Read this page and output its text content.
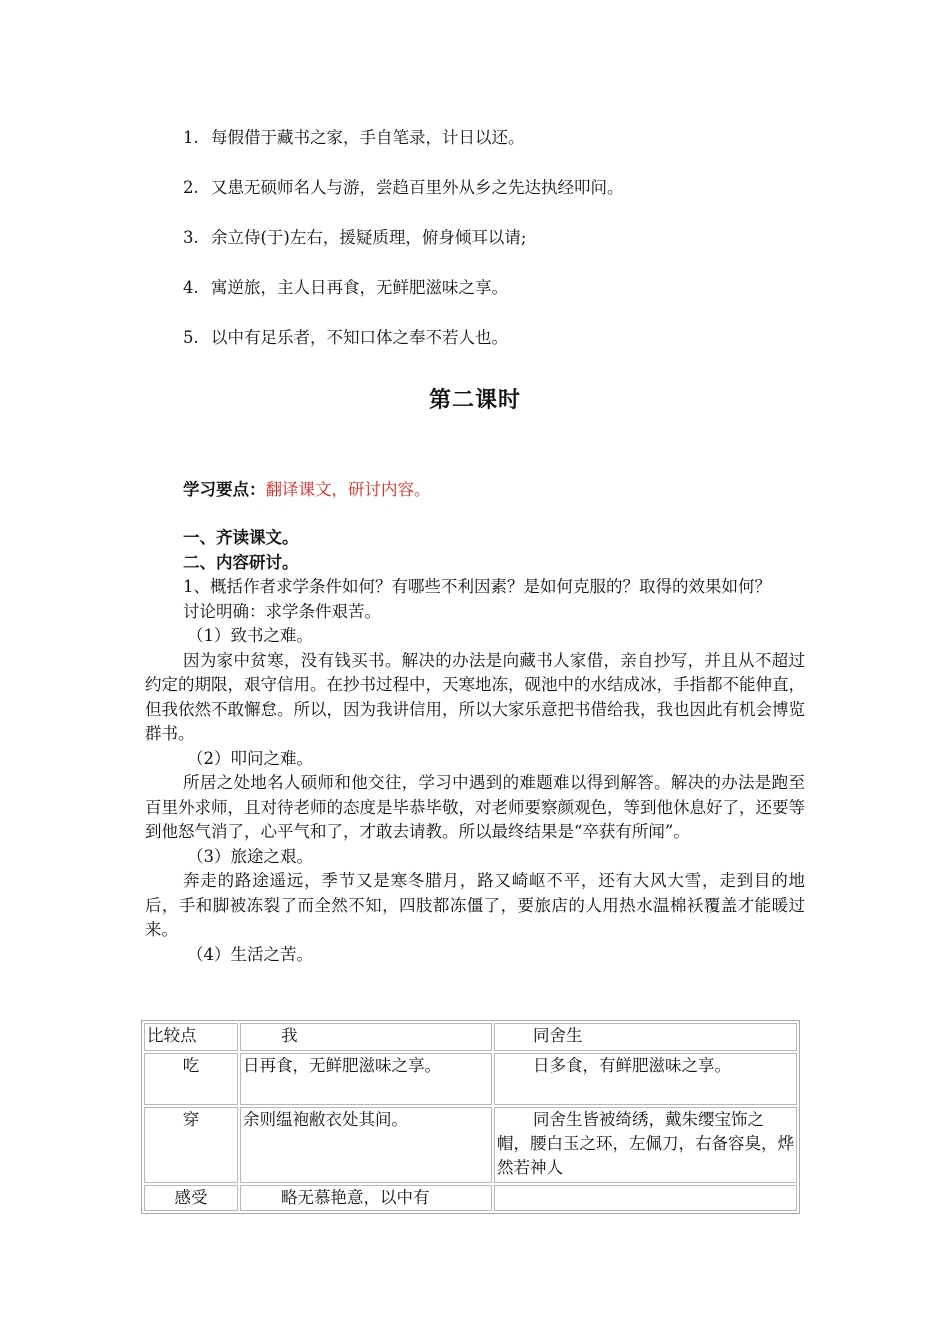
1. 每假借于藏书之家，手自笔录，计日以还。
2. 又患无硕师名人与游，尝趋百里外从乡之先达执经叩问。
3. 余立侍(于)左右，援疑质理，俯身倾耳以请;
4. 寓逆旅，主人日再食，无鲜肥滋味之享。
5. 以中有足乐者，不知口体之奉不若人也。
第二课时
学习要点：翻译课文，研讨内容。

一、齐读课文。

二、内容研讨。

1、概括作者求学条件如何？有哪些不利因素？是如何克服的？取得的效果如何？

讨论明确：求学条件艰苦。

（1）致书之难。

因为家中贫寒，没有钱买书。解决的办法是向藏书人家借，亲自抄写，并且从不超过约定的期限，艰守信用。在抄书过程中，天寒地冻，砚池中的水结成冰，手指都不能伸直，但我依然不敢懈怠。所以，因为我讲信用，所以大家乐意把书借给我，我也因此有机会博览群书。

（2）叩问之难。

所居之处地名人硕师和他交往，学习中遇到的难题难以得到解答。解决的办法是跑至百里外求师，且对待老师的态度是毕恭毕敬，对老师要察颜观色，等到他休息好了，还要等到他怒气消了，心平气和了，才敢去请教。所以最终结果是“卒获有所闻”。

（3）旅途之艰。

奔走的路途遥远，季节又是寒冬腊月，路又崎岖不平，还有大风大雪，走到目的地后，手和脚被冻裂了而全然不知，四肢都冻僵了，要旅店的人用热水温棉袄覆盖才能暖过来。

（4）生活之苦。

比较点	我	同舍生
吃	日再食，无鲜肥滋味之享。	日多食，有鲜肥滋味之享。
穿	余则缊袍敝衣处其间。	同舍生皆被绮绣，戴朱缨宝饰之帽，腰白玉之环，左佩刀，右备容臭，烨然若神人
感受	略无慕艳意，以中有	
